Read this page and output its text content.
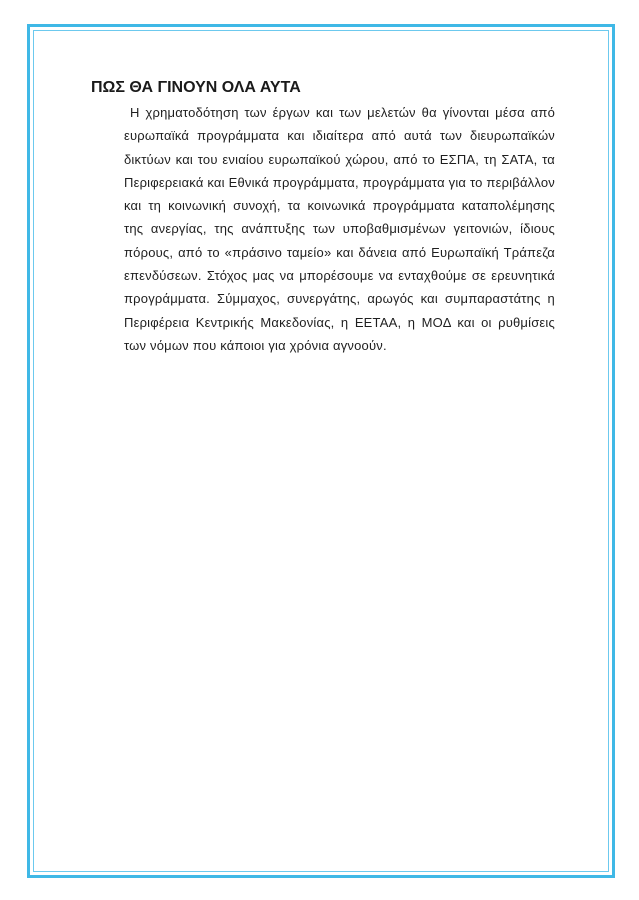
ΠΩΣ ΘΑ ΓΙΝΟΥΝ ΟΛΑ ΑΥΤΑ

Η χρηματοδότηση των έργων και των μελετών θα γίνονται μέσα από ευρωπαϊκά προγράμματα και ιδιαίτερα από αυτά των διευρωπαϊκών δικτύων και του ενιαίου ευρωπαϊκού χώρου, από το ΕΣΠΑ, τη ΣΑΤΑ, τα Περιφερειακά και Εθνικά προγράμματα, προγράμματα για το περιβάλλον και τη κοινωνική συνοχή, τα κοινωνικά προγράμματα καταπολέμησης της ανεργίας, της ανάπτυξης των υποβαθμισμένων γειτονιών, ίδιους πόρους, από το «πράσινο ταμείο» και δάνεια από Ευρωπαϊκή Τράπεζα επενδύσεων. Στόχος μας να μπορέσουμε να ενταχθούμε σε ερευνητικά προγράμματα. Σύμμαχος, συνεργάτης, αρωγός και συμπαραστάτης η Περιφέρεια Κεντρικής Μακεδονίας, η ΕΕΤΑΑ, η ΜΟΔ και οι ρυθμίσεις των νόμων που κάποιοι για χρόνια αγνοούν.
